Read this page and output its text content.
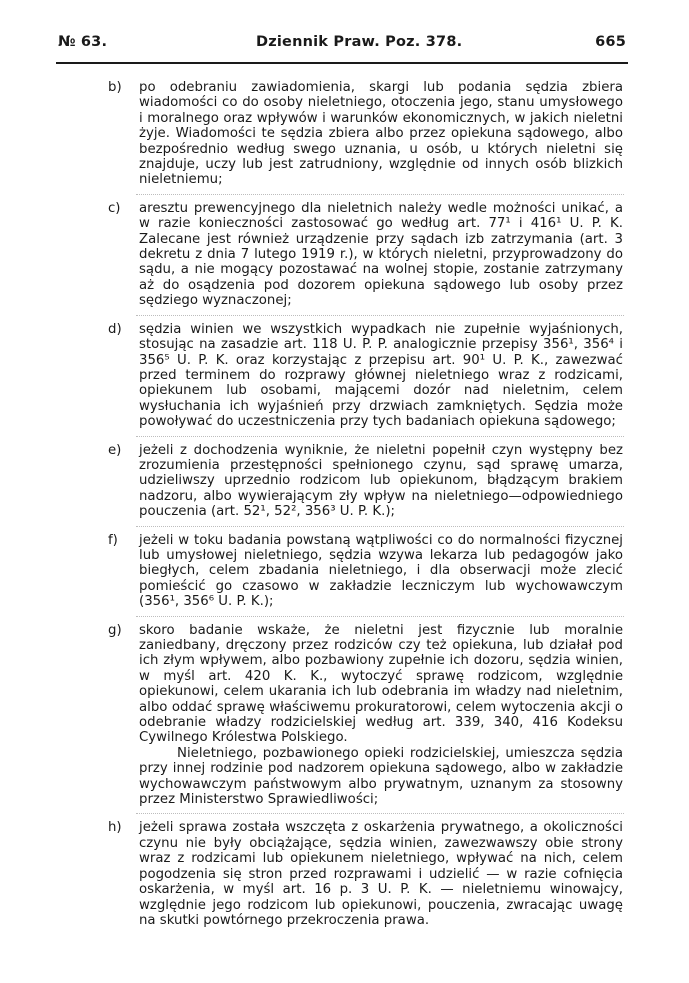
№ 63.	Dziennik Praw. Poz. 378.	665
b) po odebraniu zawiadomienia, skargi lub podania sędzia zbiera wiadomości co do osoby nieletniego, otoczenia jego, stanu umysłowego i moralnego oraz wpływów i warunków ekonomicznych, w jakich nieletni żyje. Wiadomości te sędzia zbiera albo przez opiekuna sądowego, albo bezpośrednio według swego uznania, u osób, u których nieletni się znajduje, uczy lub jest zatrudniony, względnie od innych osób blizkich nieletniemu;

c) aresztu prewencyjnego dla nieletnich należy wedle możności unikać, a w razie konieczności zastosować go według art. 77¹ i 416¹ U. P. K. Zalecane jest również urządzenie przy sądach izb zatrzymania (art. 3 dekretu z dnia 7 lutego 1919 r.), w których nieletni, przyprowadzony do sądu, a nie mogący pozostawać na wolnej stopie, zostanie zatrzymany aż do osądzenia pod dozorem opiekuna sądowego lub osoby przez sędziego wyznaczonej;

d) sędzia winien we wszystkich wypadkach nie zupełnie wyjaśnionych, stosując na zasadzie art. 118 U. P. P. analogicznie przepisy 356¹, 356⁴ i 356⁵ U. P. K. oraz korzystając z przepisu art. 90¹ U. P. K., zawezwać przed terminem do rozprawy głównej nieletniego wraz z rodzicami, opiekunem lub osobami, mającemi dozór nad nieletnim, celem wysłuchania ich wyjaśnień przy drzwiach zamkniętych. Sędzia może powoływać do uczestniczenia przy tych badaniach opiekuna sądowego;

e) jeżeli z dochodzenia wyniknie, że nieletni popełnił czyn występny bez zrozumienia przestępności spełnionego czynu, sąd sprawę umarza, udzieliwszy uprzednio rodzicom lub opiekunom, błądzącym brakiem nadzoru, albo wywierającym zły wpływ na nieletniego—odpowiedniego pouczenia (art. 52¹, 52², 356³ U. P. K.);

f) jeżeli w toku badania powstaną wątpliwości co do normalności fizycznej lub umysłowej nieletniego, sędzia wzywa lekarza lub pedagogów jako biegłych, celem zbadania nieletniego, i dla obserwacji może zlecić pomieścić go czasowo w zakładzie leczniczym lub wychowawczym (356¹, 356⁶ U. P. K.);

g) skoro badanie wskaże, że nieletni jest fizycznie lub moralnie zaniedbany, dręczony przez rodziców czy też opiekuna, lub działał pod ich złym wpływem, albo pozbawiony zupełnie ich dozoru, sędzia winien, w myśl art. 420 K. K., wytoczyć sprawę rodzicom, względnie opiekunowi, celem ukarania ich lub odebrania im władzy nad nieletnim, albo oddać sprawę właściwemu prokuratorowi, celem wytoczenia akcji o odebranie władzy rodzicielskiej według art. 339, 340, 416 Kodeksu Cywilnego Królestwa Polskiego.

Nieletniego, pozbawionego opieki rodzicielskiej, umieszcza sędzia przy innej rodzinie pod nadzorem opiekuna sądowego, albo w zakładzie wychowawczym państwowym albo prywatnym, uznanym za stosowny przez Ministerstwo Sprawiedliwości;

h) jeżeli sprawa została wszczęta z oskarżenia prywatnego, a okoliczności czynu nie były obciążające, sędzia winien, zawezwawszy obie strony wraz z rodzicami lub opiekunem nieletniego, wpływać na nich, celem pogodzenia się stron przed rozprawami i udzielić — w razie cofnięcia oskarżenia, w myśl art. 16 p. 3 U. P. K. — nieletniemu winowajcy, względnie jego rodzicom lub opiekunowi, pouczenia, zwracając uwagę na skutki powtórnego przekroczenia prawa.
